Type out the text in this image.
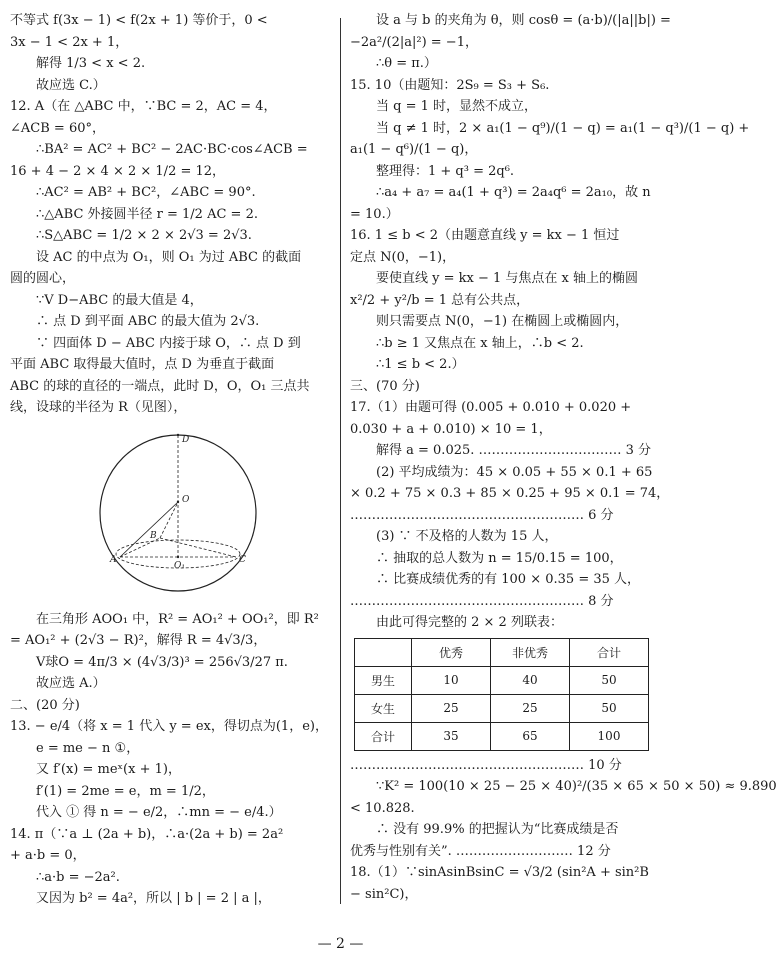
不等式 f(3x − 1) < f(2x + 1) 等价于，0 <
3x − 1 < 2x + 1，
解得 1/3 < x < 2.
故应选 C.）
12. A（在 △ABC 中，∵BC = 2，AC = 4，
∠ACB = 60°，
∴BA² = AC² + BC² − 2AC·BC·cos∠ACB =
16 + 4 − 2 × 4 × 2 × 1/2 = 12，
∴AC² = AB² + BC²，∠ABC = 90°.
∴△ABC 外接圆半径 r = 1/2 AC = 2.
∴S△ABC = 1/2 × 2 × 2√3 = 2√3.
设 AC 的中点为 O₁，则 O₁ 为过 ABC 的截面
圆的圆心，
∵V D−ABC 的最大值是 4，
∴ 点 D 到平面 ABC 的最大值为 2√3.
∵ 四面体 D − ABC 内接于球 O，∴ 点 D 到
平面 ABC 取得最大值时，点 D 为垂直于截面
ABC 的球的直径的一端点，此时 D，O，O₁ 三点共
线，设球的半径为 R（见图），
D
O
B
A
O₁
C
在三角形 AOO₁ 中，R² = AO₁² + OO₁²，即 R²
= AO₁² + (2√3 − R)²，解得 R = 4√3/3，
V球O = 4π/3 × (4√3/3)³ = 256√3/27 π.
故应选 A.）
二、(20 分)
13. − e/4（将 x = 1 代入 y = ex，得切点为(1，e)，
e = me − n ①，
又 f′(x) = meˣ(x + 1)，
f′(1) = 2me = e，m = 1/2，
代入 ① 得 n = − e/2，∴mn = − e/4.）
14. π（∵a ⊥ (2a + b)，∴a·(2a + b) = 2a²
+ a·b = 0，
∴a·b = −2a².
又因为 b² = 4a²，所以 | b | = 2 | a |，
设 a 与 b 的夹角为 θ，则 cosθ = (a·b)/(|a||b|) =
−2a²/(2|a|²) = −1，
∴θ = π.）
15. 10（由题知：2S₉ = S₃ + S₆.
当 q = 1 时，显然不成立，
当 q ≠ 1 时，2 × a₁(1 − q⁹)/(1 − q) = a₁(1 − q³)/(1 − q) +
a₁(1 − q⁶)/(1 − q)，
整理得：1 + q³ = 2q⁶.
∴a₄ + a₇ = a₄(1 + q³) = 2a₄q⁶ = 2a₁₀，故 n
= 10.）
16. 1 ≤ b < 2（由题意直线 y = kx − 1 恒过
定点 N(0，−1)，
要使直线 y = kx − 1 与焦点在 x 轴上的椭圆
x²/2 + y²/b = 1 总有公共点，
则只需要点 N(0，−1) 在椭圆上或椭圆内，
∴b ≥ 1 又焦点在 x 轴上，∴b < 2.
∴1 ≤ b < 2.）
三、(70 分)
17.（1）由题可得 (0.005 + 0.010 + 0.020 +
0.030 + a + 0.010) × 10 = 1，
解得 a = 0.025. …………………………… 3 分
(2) 平均成绩为：45 × 0.05 + 55 × 0.1 + 65
× 0.2 + 75 × 0.3 + 85 × 0.25 + 95 × 0.1 = 74，
……………………………………………… 6 分
(3) ∵ 不及格的人数为 15 人，
∴ 抽取的总人数为 n = 15/0.15 = 100，
∴ 比赛成绩优秀的有 100 × 0.35 = 35 人，
……………………………………………… 8 分
由此可得完整的 2 × 2 列联表：
	优秀	非优秀	合计
男生	10	40	50
女生	25	25	50
合计	35	65	100
……………………………………………… 10 分
∵K² = 100(10 × 25 − 25 × 40)²/(35 × 65 × 50 × 50) ≈ 9.890
< 10.828.
∴ 没有 99.9% 的把握认为“比赛成绩是否
优秀与性别有关”. ……………………… 12 分
18.（1）∵sinAsinBsinC = √3/2 (sin²A + sin²B
− sin²C)，
— 2 —
